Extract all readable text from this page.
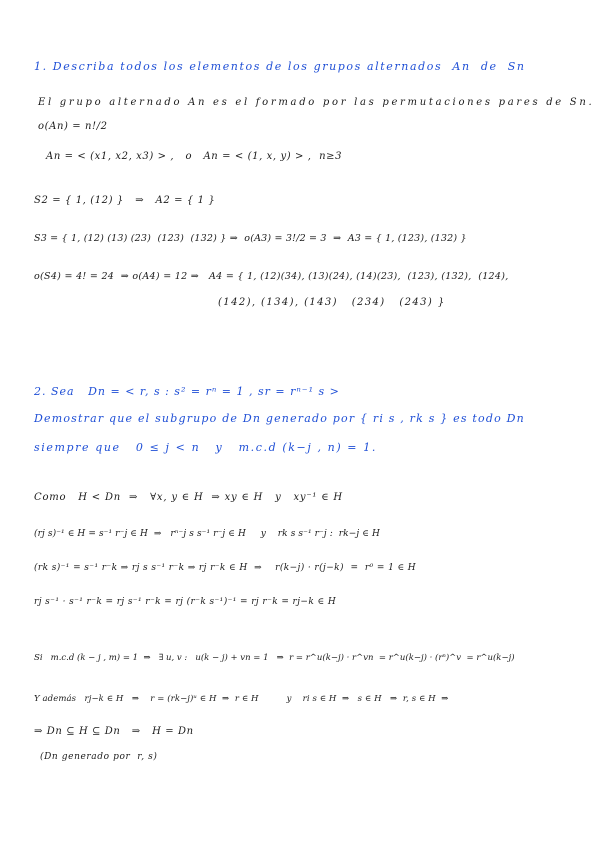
1. Describa todos los elementos de los grupos alternados  An  de  Sn
El grupo alternado An es el formado por las permutaciones pares de Sn.
o(An) = n!/2
An = < (x1, x2, x3) > ,   o   An = < (1, x, y) > ,  n≥3
S2 = { 1, (12) }   ⇒   A2 = { 1 }
S3 = { 1, (12) (13) (23)  (123)  (132) } ⇒  o(A3) = 3!/2 = 3  ⇒  A3 = { 1, (123), (132) }
o(S4) = 4! = 24  ⇒ o(A4) = 12 ⇒   A4 = { 1, (12)(34), (13)(24), (14)(23),  (123), (132),  (124),
(142), (134), (143)   (234)   (243) }
2. Sea   Dn = < r, s : s² = rⁿ = 1 , sr = rⁿ⁻¹ s >
Demostrar que el subgrupo de Dn generado por { ri s , rk s } es todo Dn
siempre que   0 ≤ j < n   y   m.c.d (k−j , n) = 1.
Como   H < Dn  ⇒   ∀x, y ∈ H  ⇒ xy ∈ H   y   xy⁻¹ ∈ H
(rj s)⁻¹ ∈ H = s⁻¹ r⁻j ∈ H  ⇒   rⁿ⁻j s s⁻¹ r⁻j ∈ H     y    rk s s⁻¹ r⁻j :  rk−j ∈ H
(rk s)⁻¹ = s⁻¹ r⁻k ⇒ rj s s⁻¹ r⁻k ⇒ rj r⁻k ∈ H  ⇒    r(k−j) · r(j−k)  =  r⁰ = 1 ∈ H
rj s⁻¹ · s⁻¹ r⁻k = rj s⁻¹ r⁻k = rj (r⁻k s⁻¹)⁻¹ = rj r⁻k = rj−k ∈ H
Si   m.c.d (k − j , m) = 1  ⇒   ∃ u, v :   u(k − j) + vn = 1   ⇒  r = r^u(k−j) · r^vn  = r^u(k−j) · (rⁿ)^v  = r^u(k−j)
Y además   rj−k ∈ H   ⇒    r = (rk−j)ᵘ ∈ H  ⇒  r ∈ H          y    ri s ∈ H  ⇒   s ∈ H   ⇒  r, s ∈ H  ⇒
⇒ Dn ⊆ H ⊆ Dn   ⇒   H = Dn
(Dn generado por  r, s)
